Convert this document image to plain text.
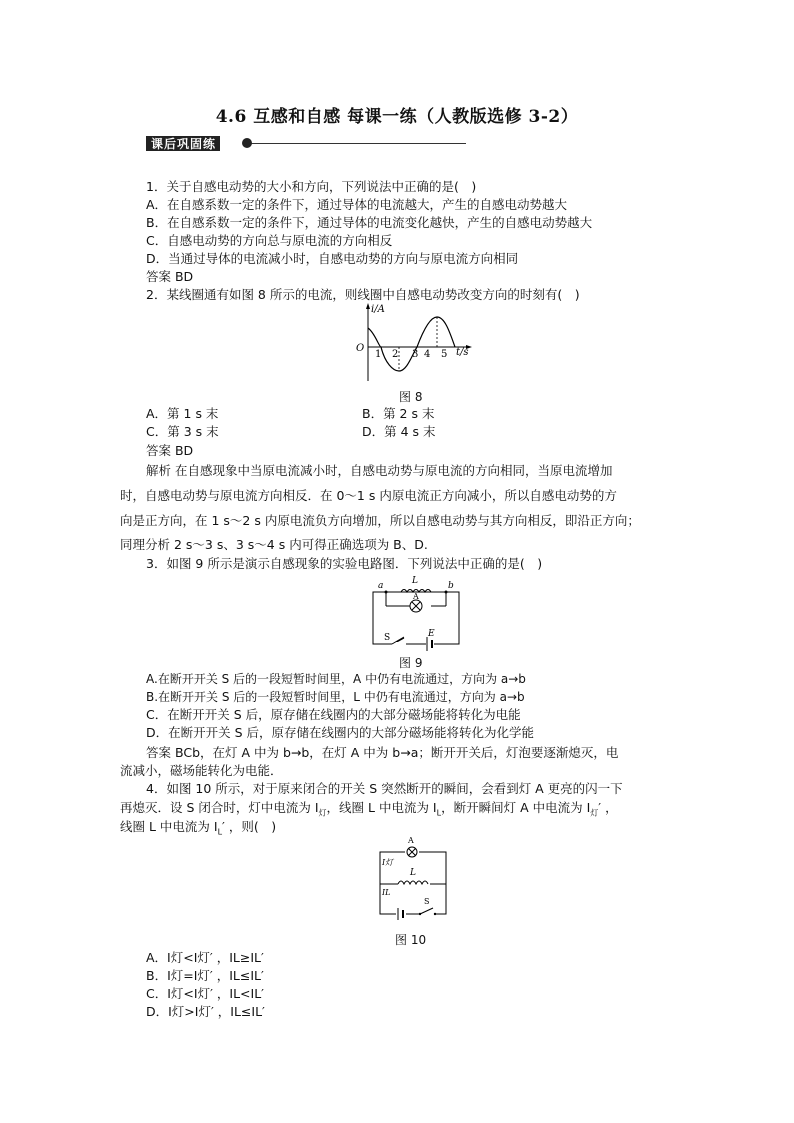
4.6 互感和自感 每课一练（人教版选修 3-2）
课后巩固练
1．关于自感电动势的大小和方向，下列说法中正确的是(　)
A．在自感系数一定的条件下，通过导体的电流越大，产生的自感电动势越大
B．在自感系数一定的条件下，通过导体的电流变化越快，产生的自感电动势越大
C．自感电动势的方向总与原电流的方向相反
D．当通过导体的电流减小时，自感电动势的方向与原电流方向相同
答案 BD
2．某线圈通有如图 8 所示的电流，则线圈中自感电动势改变方向的时刻有(　)
i/A
t/s
O
1 2 3 4 5
图 8
A．第 1 s 末	B．第 2 s 末
C．第 3 s 末	D．第 4 s 末
答案 BD
解析 在自感现象中当原电流减小时，自感电动势与原电流的方向相同，当原电流增加
时，自感电动势与原电流方向相反．在 0～1 s 内原电流正方向减小，所以自感电动势的方
向是正方向，在 1 s～2 s 内原电流负方向增加，所以自感电动势与其方向相反，即沿正方向；
同理分析 2 s～3 s、3 s～4 s 内可得正确选项为 B、D.
3．如图 9 所示是演示自感现象的实验电路图．下列说法中正确的是(　)
a	b
L
A
S	E
图 9
A.在断开开关 S 后的一段短暂时间里，A 中仍有电流通过，方向为 a→b
B.在断开开关 S 后的一段短暂时间里，L 中仍有电流通过，方向为 a→b
C．在断开开关 S 后，原存储在线圈内的大部分磁场能将转化为电能
D．在断开开关 S 后，原存储在线圈内的大部分磁场能将转化为化学能
答案 BCb，在灯 A 中为 b→b，在灯 A 中为 b→a；断开开关后，灯泡要逐渐熄灭，电
流减小，磁场能转化为电能．
4．如图 10 所示，对于原来闭合的开关 S 突然断开的瞬间，会看到灯 A 更亮的闪一下
再熄灭．设 S 闭合时，灯中电流为 $I_灯$，线圈 L 中电流为 $I_L$，断开瞬间灯 A 中电流为 $I_灯'$ ，
线圈 L 中电流为 $I_L'$ ，则(　)
A
I灯
IL
L
S
图 10
A．I灯<I灯′ ，IL≥IL′
B．I灯=I灯′ ，IL≤IL′
C．I灯<I灯′ ，IL<IL′
D．I灯>I灯′ ，IL≤IL′
